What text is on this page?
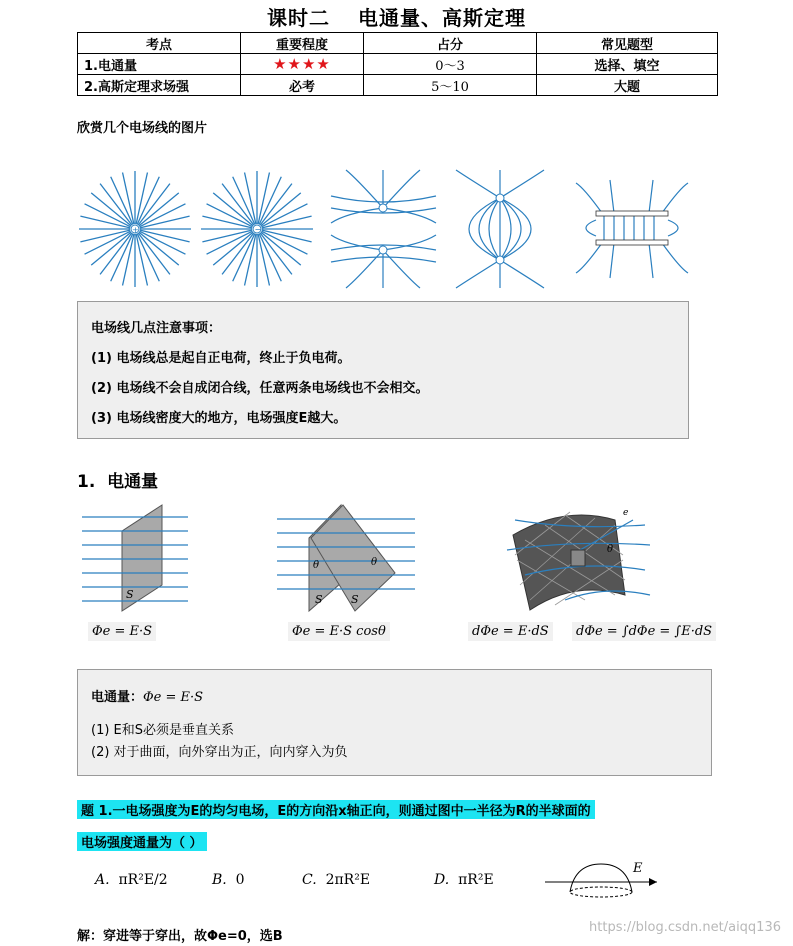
课时二 电通量、高斯定理
考点	重要程度	占分	常见题型
1.电通量	★★★★	0～3	选择、填空
2.高斯定理求场强	必考	5～10	大题
欣赏几个电场线的图片
+	−
电场线几点注意事项：
(1) 电场线总是起自正电荷，终止于负电荷。
(2) 电场线不会自成闭合线，任意两条电场线也不会相交。
(3) 电场线密度大的地方，电场强度E越大。
1. 电通量
S
Φe = E·S
θ	θ
S	S
Φe = E·S cosθ
e
θ
dΦe = E·dS	dΦe = ∫dΦe = ∫E·dS
电通量：Φe = E·S
(1) E和S必须是垂直关系
(2) 对于曲面，向外穿出为正，向内穿入为负
题 1.一电场强度为E的均匀电场，E的方向沿x轴正向，则通过图中一半径为R的半球面的
电场强度通量为（ ）
A. πR²E/2	B. 0	C. 2πR²E	D. πR²E
E
解：穿进等于穿出，故Φe=0，选B
https://blog.csdn.net/aiqq136
